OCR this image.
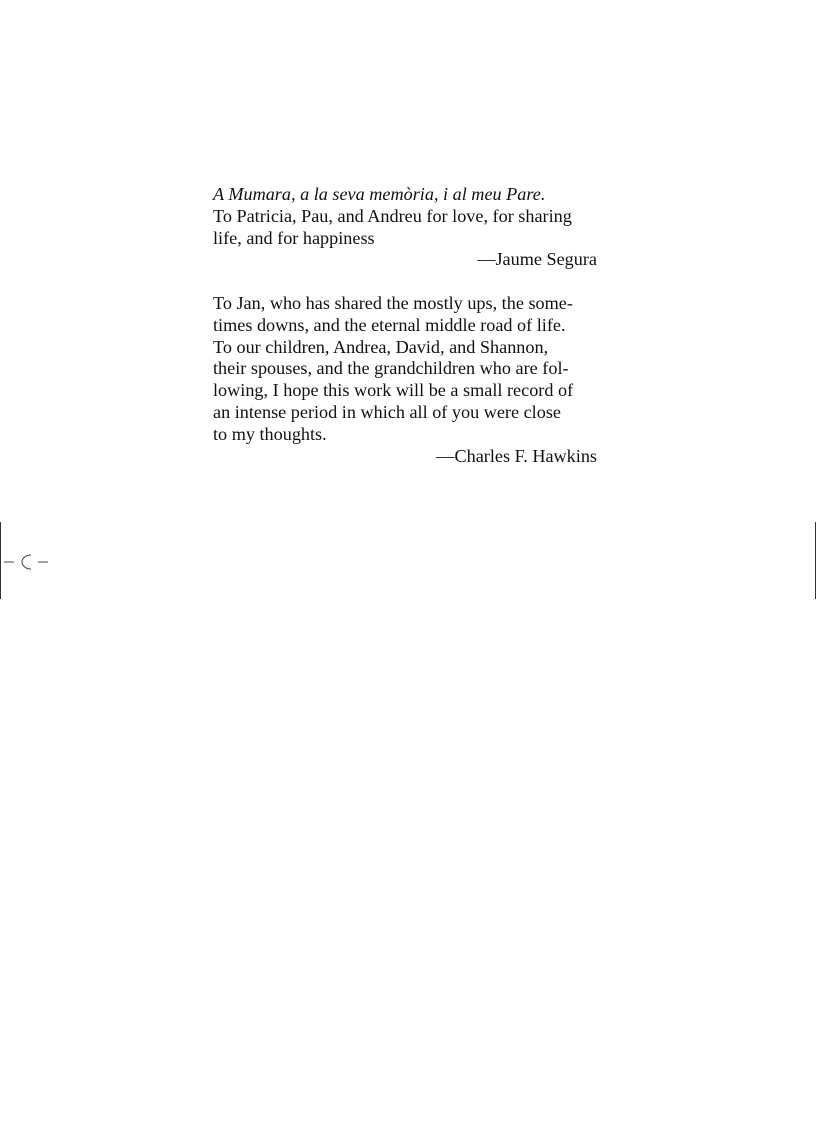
A Mumara, a la seva memòria, i al meu Pare.
To Patricia, Pau, and Andreu for love, for sharing
life, and for happiness
—Jaume Segura
To Jan, who has shared the mostly ups, the some-
times downs, and the eternal middle road of life.
To our children, Andrea, David, and Shannon,
their spouses, and the grandchildren who are fol-
lowing, I hope this work will be a small record of
an intense period in which all of you were close
to my thoughts.
—Charles F. Hawkins
